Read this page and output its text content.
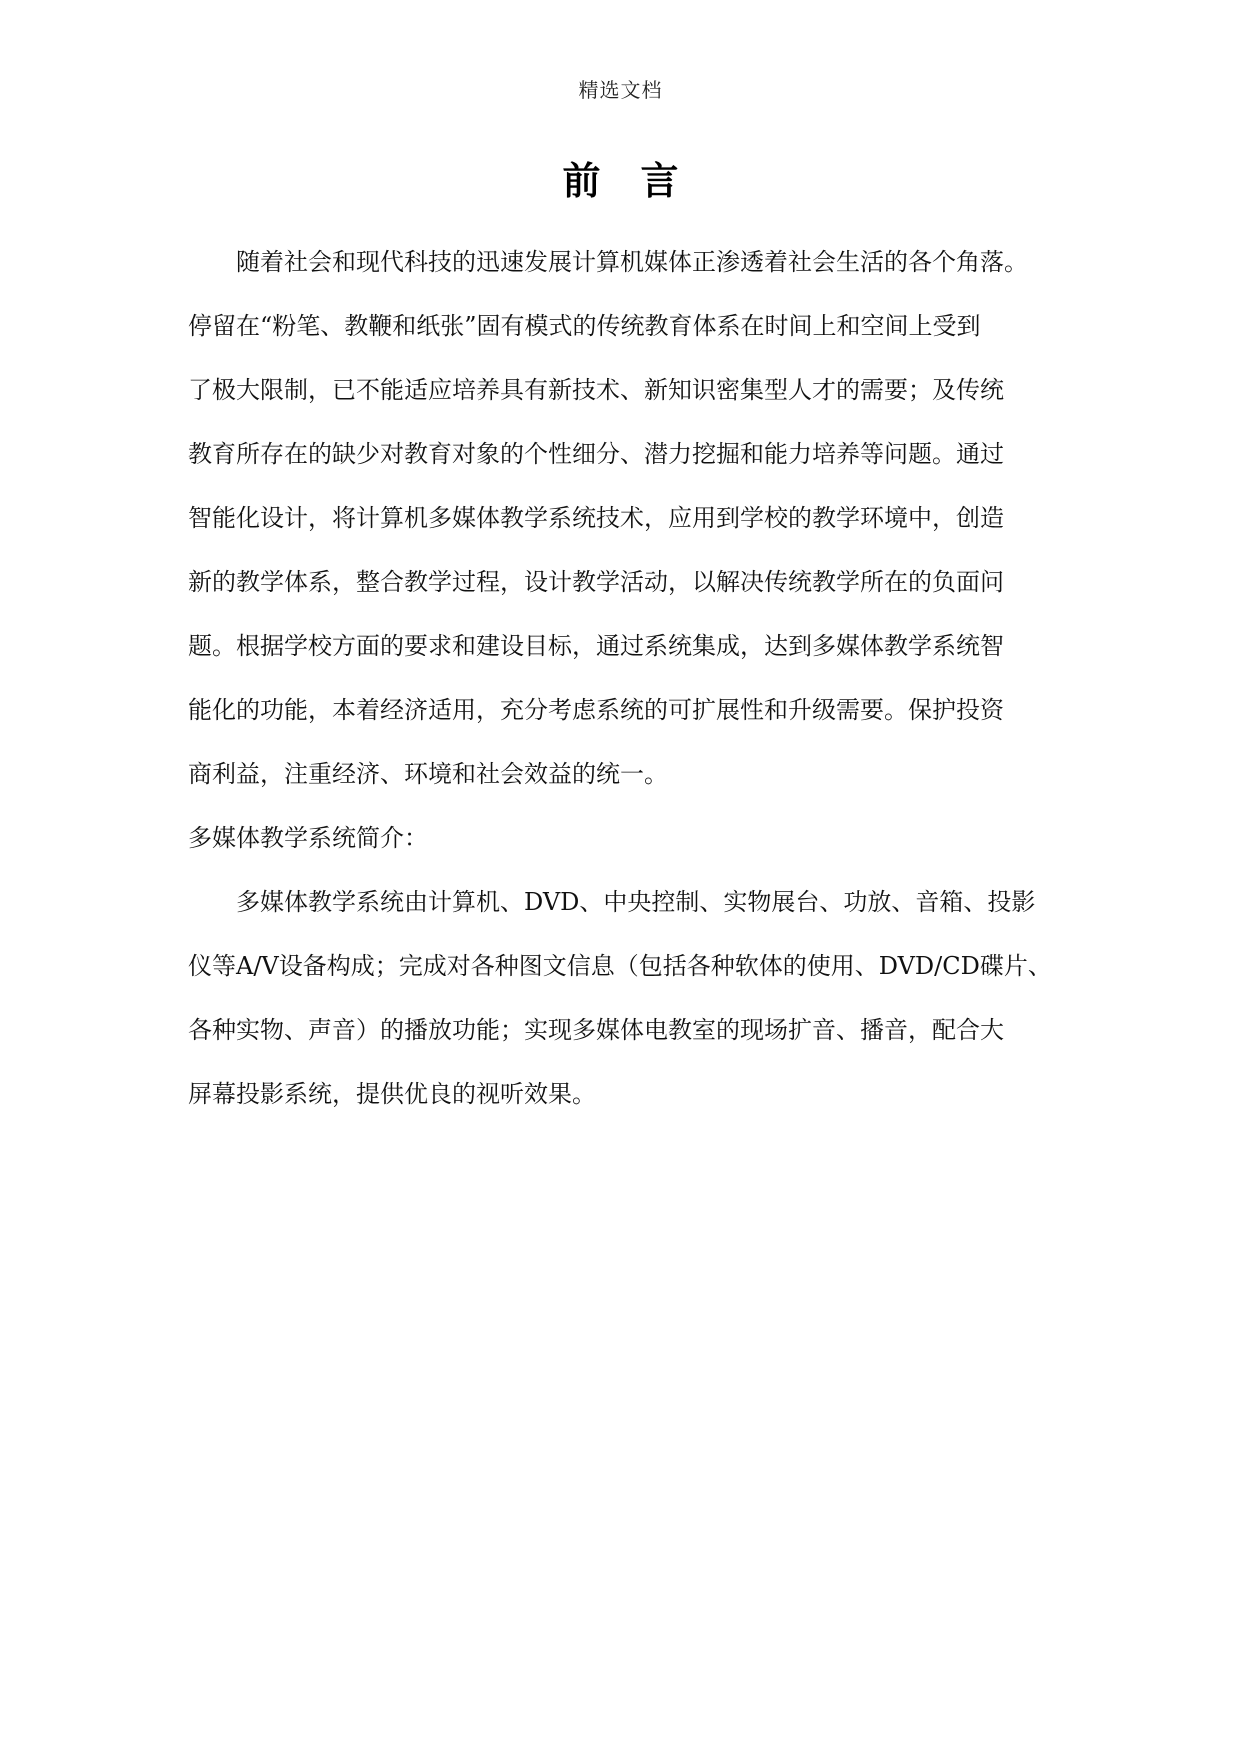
精选文档
前言
随着社会和现代科技的迅速发展计算机媒体正渗透着社会生活的各个角落。
停留在“粉笔、教鞭和纸张”固有模式的传统教育体系在时间上和空间上受到
了极大限制，已不能适应培养具有新技术、新知识密集型人才的需要；及传统
教育所存在的缺少对教育对象的个性细分、潜力挖掘和能力培养等问题。通过
智能化设计，将计算机多媒体教学系统技术，应用到学校的教学环境中，创造
新的教学体系，整合教学过程，设计教学活动，以解决传统教学所在的负面问
题。根据学校方面的要求和建设目标，通过系统集成，达到多媒体教学系统智
能化的功能，本着经济适用，充分考虑系统的可扩展性和升级需要。保护投资
商利益，注重经济、环境和社会效益的统一。
多媒体教学系统简介：
多媒体教学系统由计算机、DVD、中央控制、实物展台、功放、音箱、投影
仪等A/V设备构成；完成对各种图文信息（包括各种软体的使用、DVD/CD碟片、
各种实物、声音）的播放功能；实现多媒体电教室的现场扩音、播音，配合大
屏幕投影系统，提供优良的视听效果。
